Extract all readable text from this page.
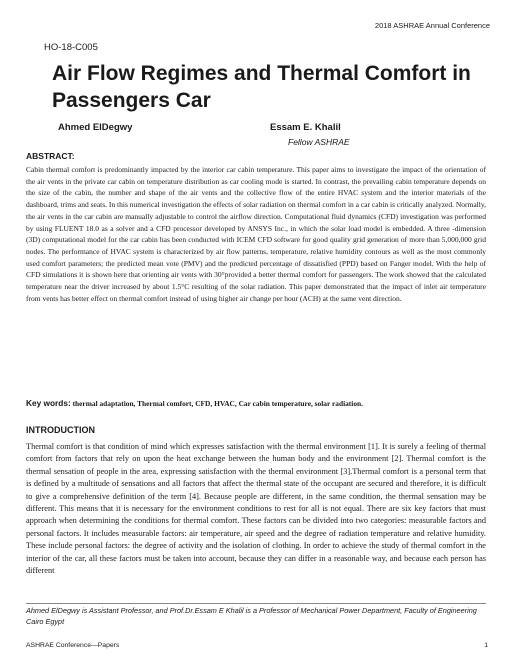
2018 ASHRAE Annual Conference
HO-18-C005
Air Flow Regimes and Thermal Comfort in Passengers Car
Ahmed ElDegwy	Essam E. Khalil
Fellow ASHRAE
ABSTRACT:

Cabin thermal comfort is predominantly impacted by the interior car cabin temperature. This paper aims to investigate the impact of the orientation of the air vents in the private car cabin on temperature distribution as car cooling mode is started. In contrast, the prevailing cabin temperature depends on the size of the cabin, the number and shape of the air vents and the collective flow of the entire HVAC system and the interior materials of the dashboard, trims and seats. In this numerical investigation the effects of solar radiation on thermal comfort in a car cabin is critically analyzed. Normally, the air vents in the car cabin are manually adjustable to control the airflow direction. Computational fluid dynamics (CFD) investigation was performed by using FLUENT 18.0 as a solver and a CFD processor developed by ANSYS Inc., in which the solar load model is embedded. A three -dimension (3D) computational model for the car cabin has been conducted with ICEM CFD software for good quality grid generation of more than 5,000,000 grid nodes. The performance of HVAC system is characterized by air flow patterns, temperature, relative humidity contours as well as the most commonly used comfort parameters; the predicted mean vote (PMV) and the predicted percentage of dissatisfied (PPD) based on Fanger model. With the help of CFD simulations it is shown here that orienting air vents with 30°provided a better thermal comfort for passengers. The work showed that the calculated temperature near the driver increased by about 1.5°C resulting of the solar radiation. This paper demonstrated that the impact of inlet air temperature from vents has better effect on thermal comfort instead of using higher air change per hour (ACH) at the same vent direction.

Key words: thermal adaptation, Thermal comfort, CFD, HVAC, Car cabin temperature, solar radiation.

INTRODUCTION

Thermal comfort is that condition of mind which expresses satisfaction with the thermal environment [1]. It is surely a feeling of thermal comfort from factors that rely on upon the heat exchange between the human body and the environment [2]. Thermal comfort is the thermal sensation of people in the area, expressing satisfaction with the thermal environment [3].Thermal comfort is a personal term that is defined by a multitude of sensations and all factors that affect the thermal state of the occupant are secured and therefore, it is difficult to give a comprehensive definition of the term [4]. Because people are different, in the same condition, the thermal sensation may be different. This means that it is necessary for the environment conditions to rest for all is not equal. There are six key factors that must approach when determining the conditions for thermal comfort. These factors can be divided into two categories: measurable factors and personal factors. It includes measurable factors: air temperature, air speed and the degree of radiation temperature and relative humidity. These include personal factors: the degree of activity and the isolation of clothing. In order to achieve the study of thermal comfort in the interior of the car, all these factors must be taken into account, because they can differ in a reasonable way, and because each person has different

Ahmed ElDegwy is Assistant Professor, and Prof.Dr.Essam E Khalil is a Professor of Mechanical Power Department, Faculty of Engineering Cairo Egypt

ASHRAE Conference—Papers	1
